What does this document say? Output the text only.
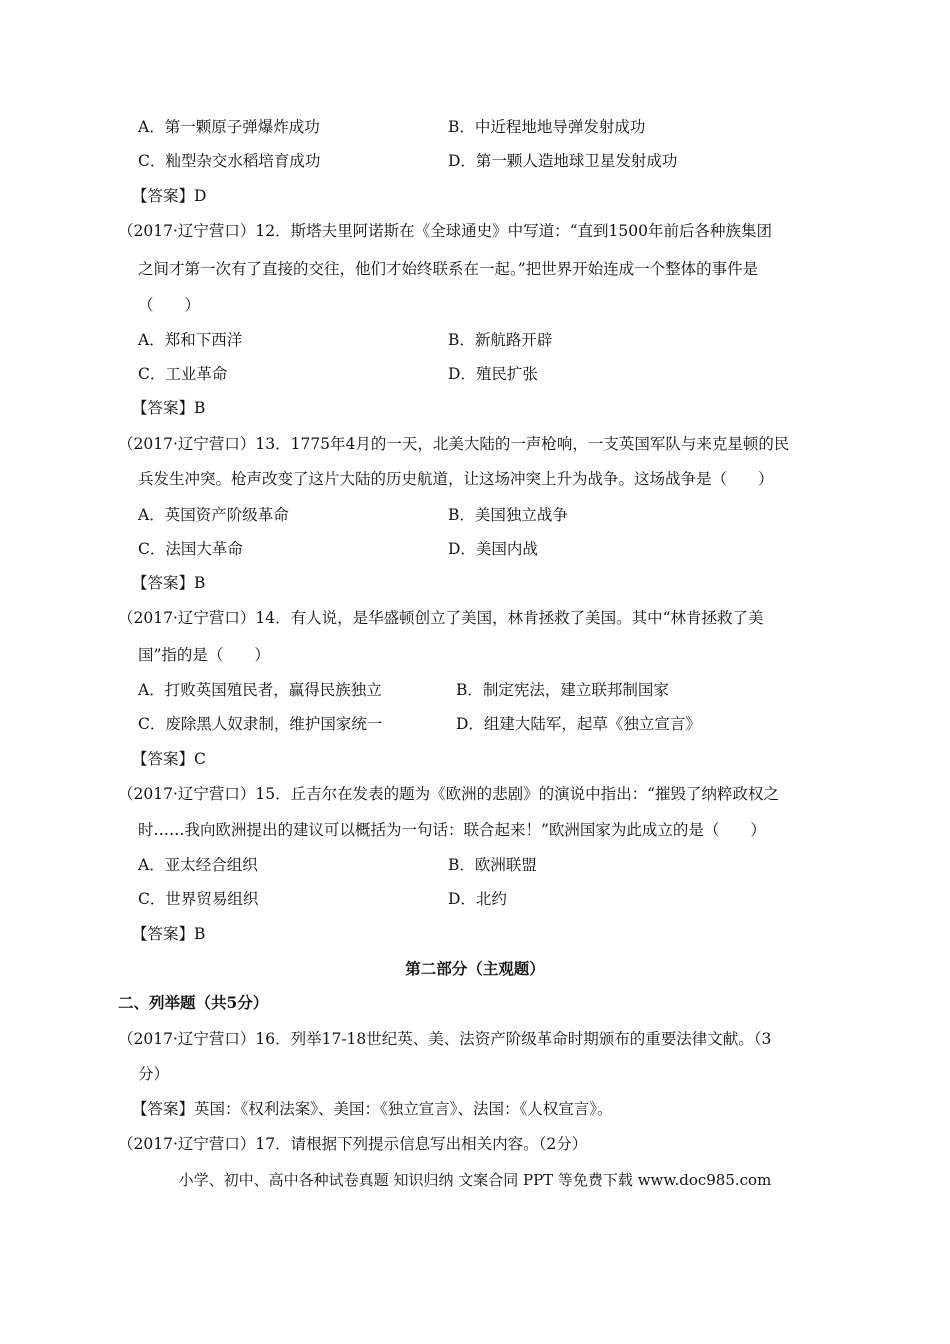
A．第一颗原子弹爆炸成功	B．中近程地地导弹发射成功
C．籼型杂交水稻培育成功	D．第一颗人造地球卫星发射成功
【答案】D
（2017·辽宁营口）12．斯塔夫里阿诺斯在《全球通史》中写道：“直到1500年前后各种族集团
之间才第一次有了直接的交往，他们才始终联系在一起。”把世界开始连成一个整体的事件是
（　　）
A．郑和下西洋	B．新航路开辟
C．工业革命	D．殖民扩张
【答案】B
（2017·辽宁营口）13．1775年4月的一天，北美大陆的一声枪响，一支英国军队与来克星顿的民
兵发生冲突。枪声改变了这片大陆的历史航道，让这场冲突上升为战争。这场战争是（　　）
A．英国资产阶级革命	B．美国独立战争
C．法国大革命	D．美国内战
【答案】B
（2017·辽宁营口）14．有人说，是华盛顿创立了美国，林肯拯救了美国。其中“林肯拯救了美
国”指的是（　　）
A．打败英国殖民者，赢得民族独立	B．制定宪法，建立联邦制国家
C．废除黑人奴隶制，维护国家统一	D．组建大陆军，起草《独立宣言》
【答案】C
（2017·辽宁营口）15．丘吉尔在发表的题为《欧洲的悲剧》的演说中指出：“摧毁了纳粹政权之
时……我向欧洲提出的建议可以概括为一句话：联合起来！”欧洲国家为此成立的是（　　）
A．亚太经合组织	B．欧洲联盟
C．世界贸易组织	D．北约
【答案】B
第二部分（主观题）
二、列举题（共5分）
（2017·辽宁营口）16．列举17-18世纪英、美、法资产阶级革命时期颁布的重要法律文献。（3
分）
【答案】英国：《权利法案》、美国：《独立宣言》、法国：《人权宣言》。
（2017·辽宁营口）17．请根据下列提示信息写出相关内容。（2分）
小学、初中、高中各种试卷真题 知识归纳 文案合同 PPT 等免费下载 www.doc985.com
